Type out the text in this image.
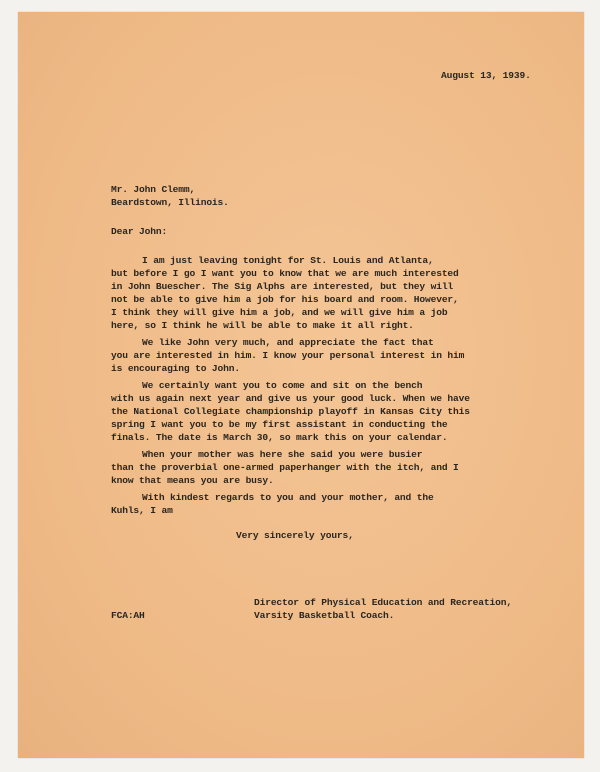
August 13, 1939.
Mr. John Clemm,
Beardstown, Illinois.
Dear John:
I am just leaving tonight for St. Louis and Atlanta,
but before I go I want you to know that we are much interested
in John Buescher. The Sig Alphs are interested, but they will
not be able to give him a job for his board and room. However,
I think they will give him a job, and we will give him a job
here, so I think he will be able to make it all right.
We like John very much, and appreciate the fact that
you are interested in him. I know your personal interest in him
is encouraging to John.
We certainly want you to come and sit on the bench
with us again next year and give us your good luck. When we have
the National Collegiate championship playoff in Kansas City this
spring I want you to be my first assistant in conducting the
finals. The date is March 30, so mark this on your calendar.
When your mother was here she said you were busier
than the proverbial one-armed paperhanger with the itch, and I
know that means you are busy.
With kindest regards to you and your mother, and the
Kuhls, I am
Very sincerely yours,
FCA:AH
Director of Physical Education and Recreation,
Varsity Basketball Coach.
